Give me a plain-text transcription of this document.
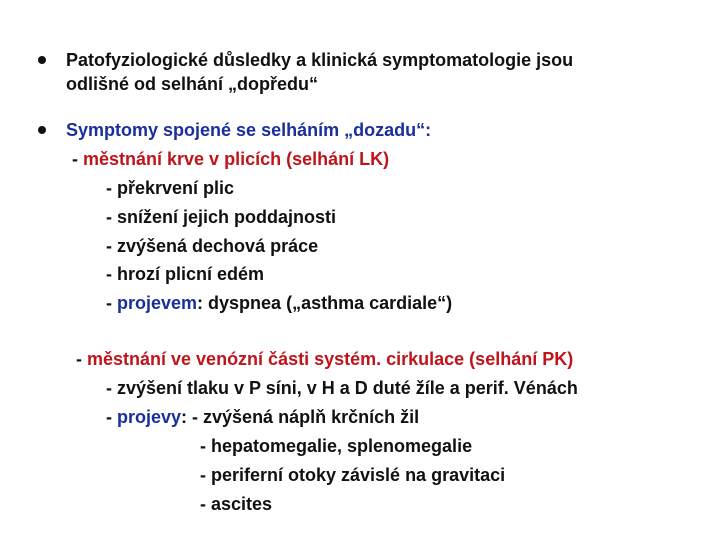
Patofyziologické důsledky a klinická symptomatologie jsou
odlišné od selhání „dopředu“
Symptomy spojené se selháním „dozadu“:
- městnání krve v plicích (selhání LK)
- překrvení plic
- snížení jejich poddajnosti
- zvýšená dechová práce
- hrozí plicní edém
- projevem: dyspnea („asthma cardiale“)
- městnání ve venózní části systém. cirkulace (selhání PK)
- zvýšení tlaku v P síni, v H a D duté žíle a perif. Vénách
- projevy: - zvýšená náplň krčních žil
- hepatomegalie, splenomegalie
- periferní otoky závislé na gravitaci
- ascites
